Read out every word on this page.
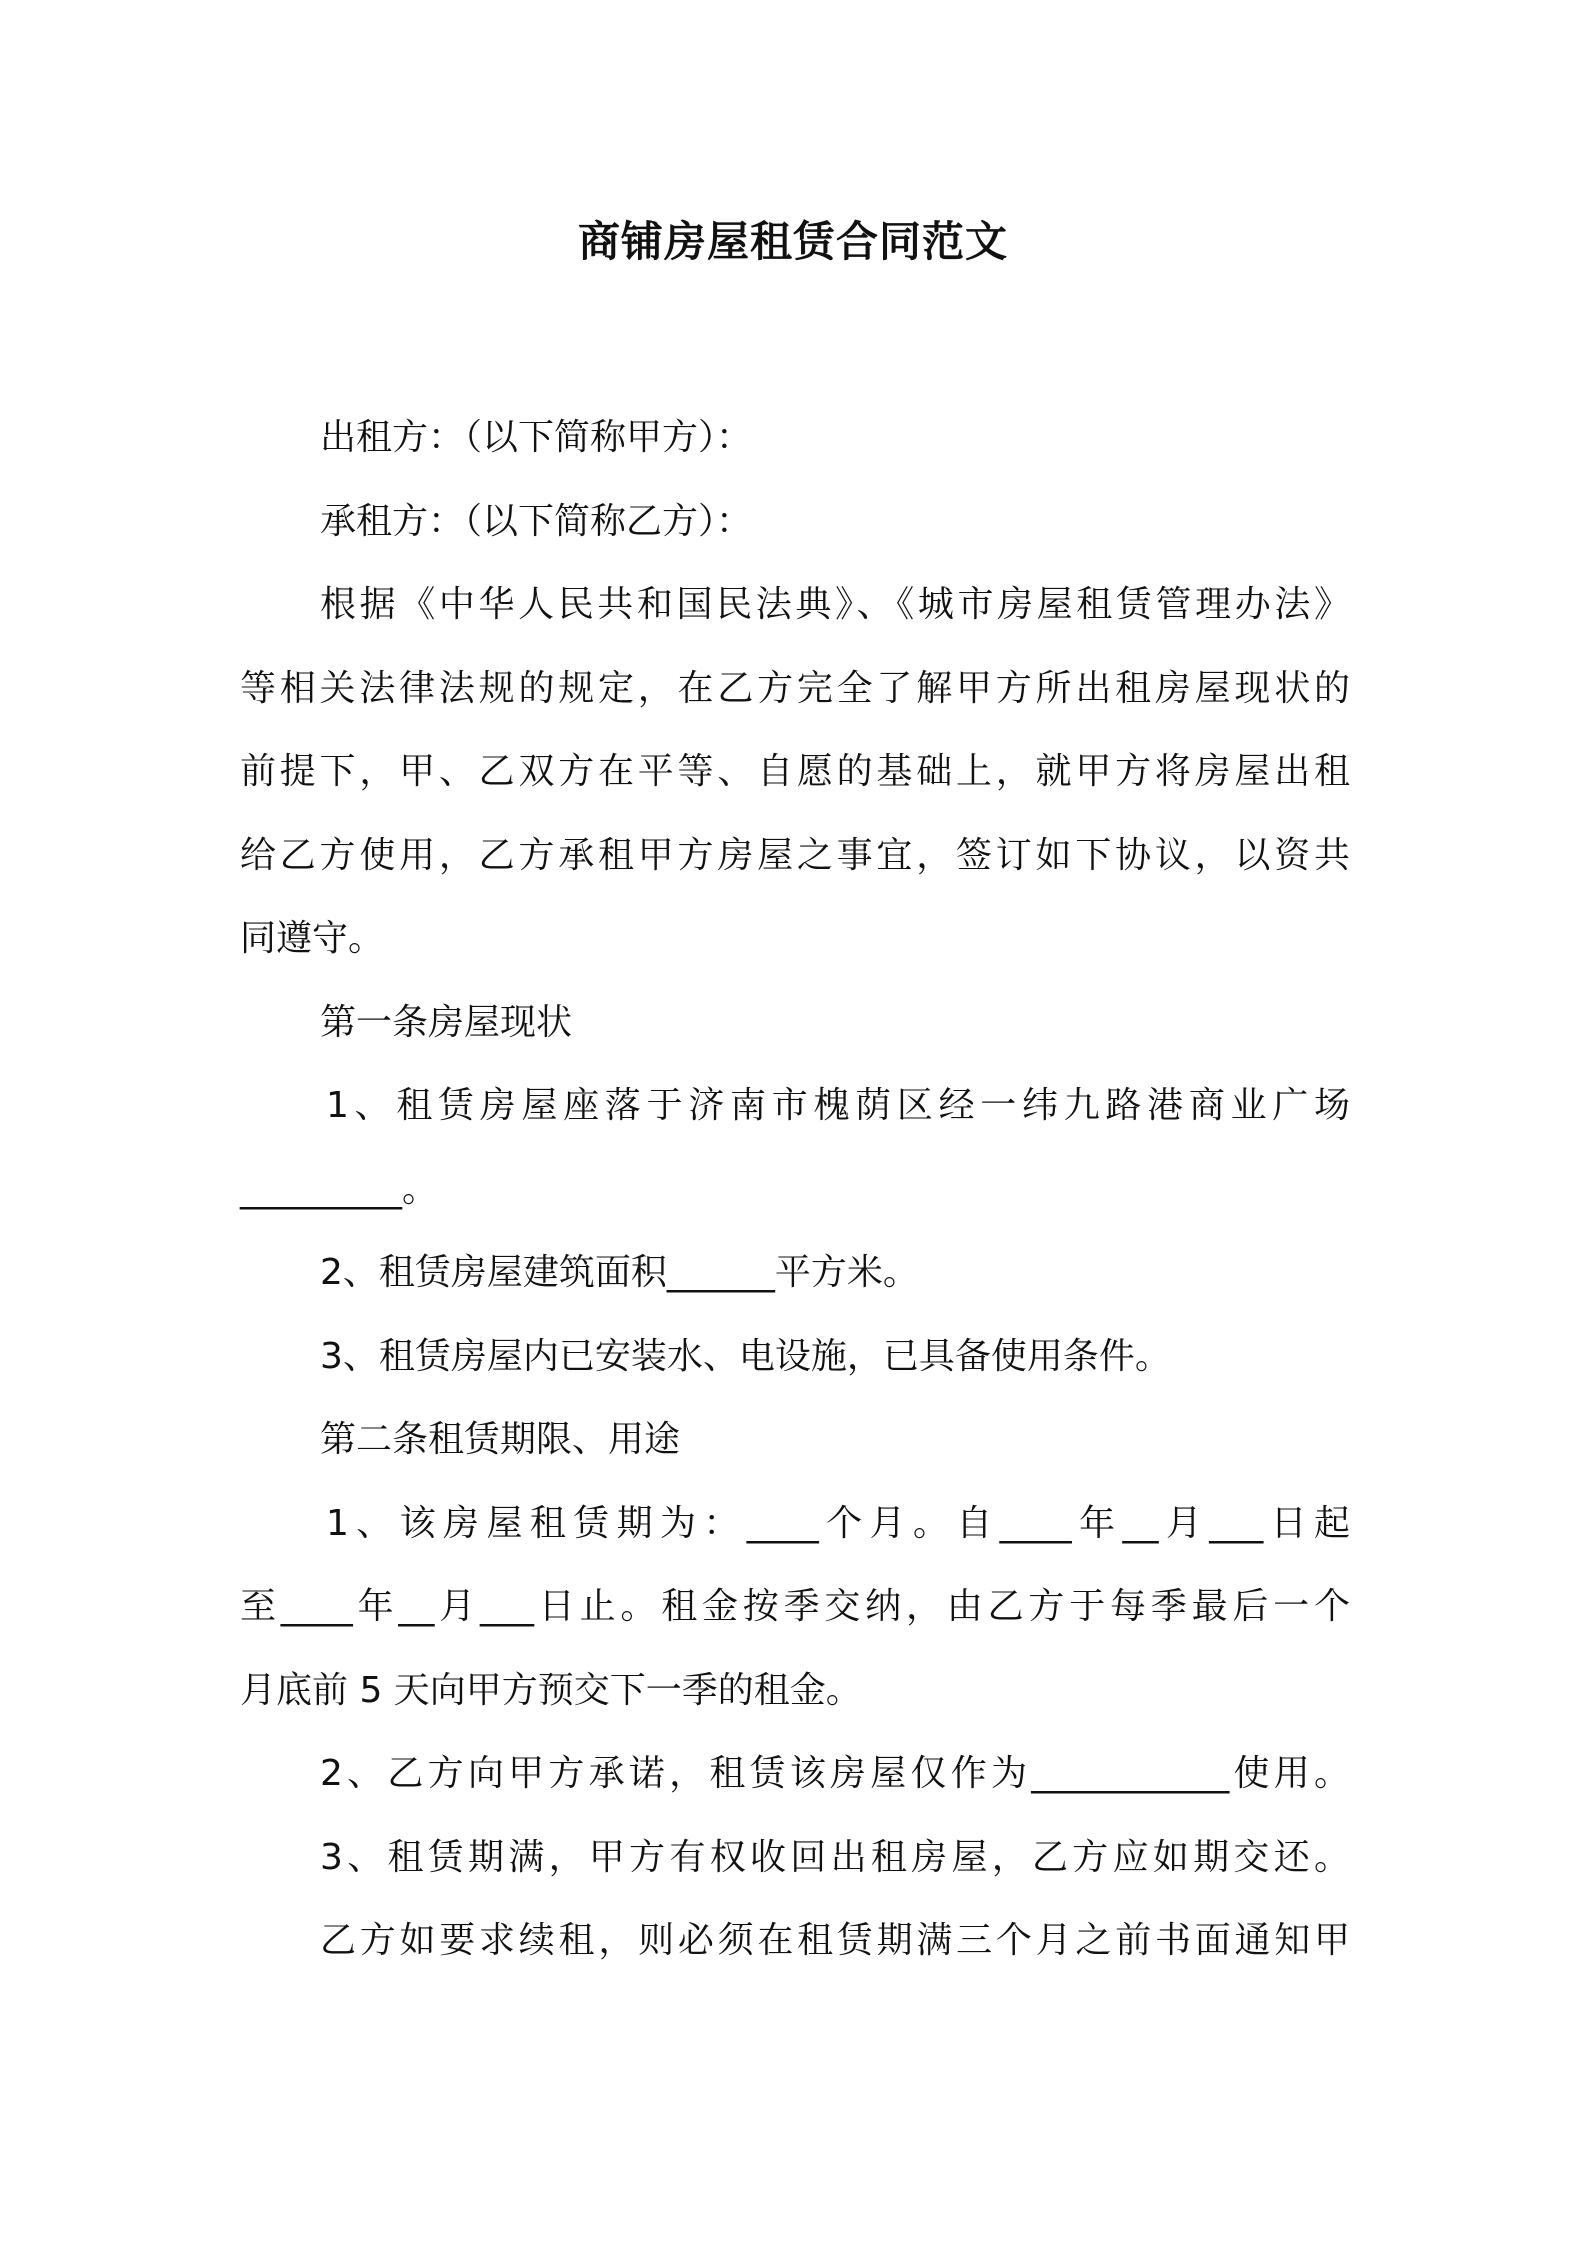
商铺房屋租赁合同范文
出租方：（以下简称甲方）：
承租方：（以下简称乙方）：
根据《中华人民共和国民法典》、《城市房屋租赁管理办法》
等相关法律法规的规定，在乙方完全了解甲方所出租房屋现状的
前提下，甲、乙双方在平等、自愿的基础上，就甲方将房屋出租
给乙方使用，乙方承租甲方房屋之事宜，签订如下协议，以资共
同遵守。
第一条房屋现状
1、租赁房屋座落于济南市槐荫区经一纬九路港商业广场
_________。
2、租赁房屋建筑面积______平方米。
3、租赁房屋内已安装水、电设施，已具备使用条件。
第二条租赁期限、用途
1、该房屋租赁期为：____个月。自____年__月___日起
至____年__月___日止。租金按季交纳，由乙方于每季最后一个
月底前 5 天向甲方预交下一季的租金。
2、乙方向甲方承诺，租赁该房屋仅作为___________使用。
3、租赁期满，甲方有权收回出租房屋，乙方应如期交还。
乙方如要求续租，则必须在租赁期满三个月之前书面通知甲
